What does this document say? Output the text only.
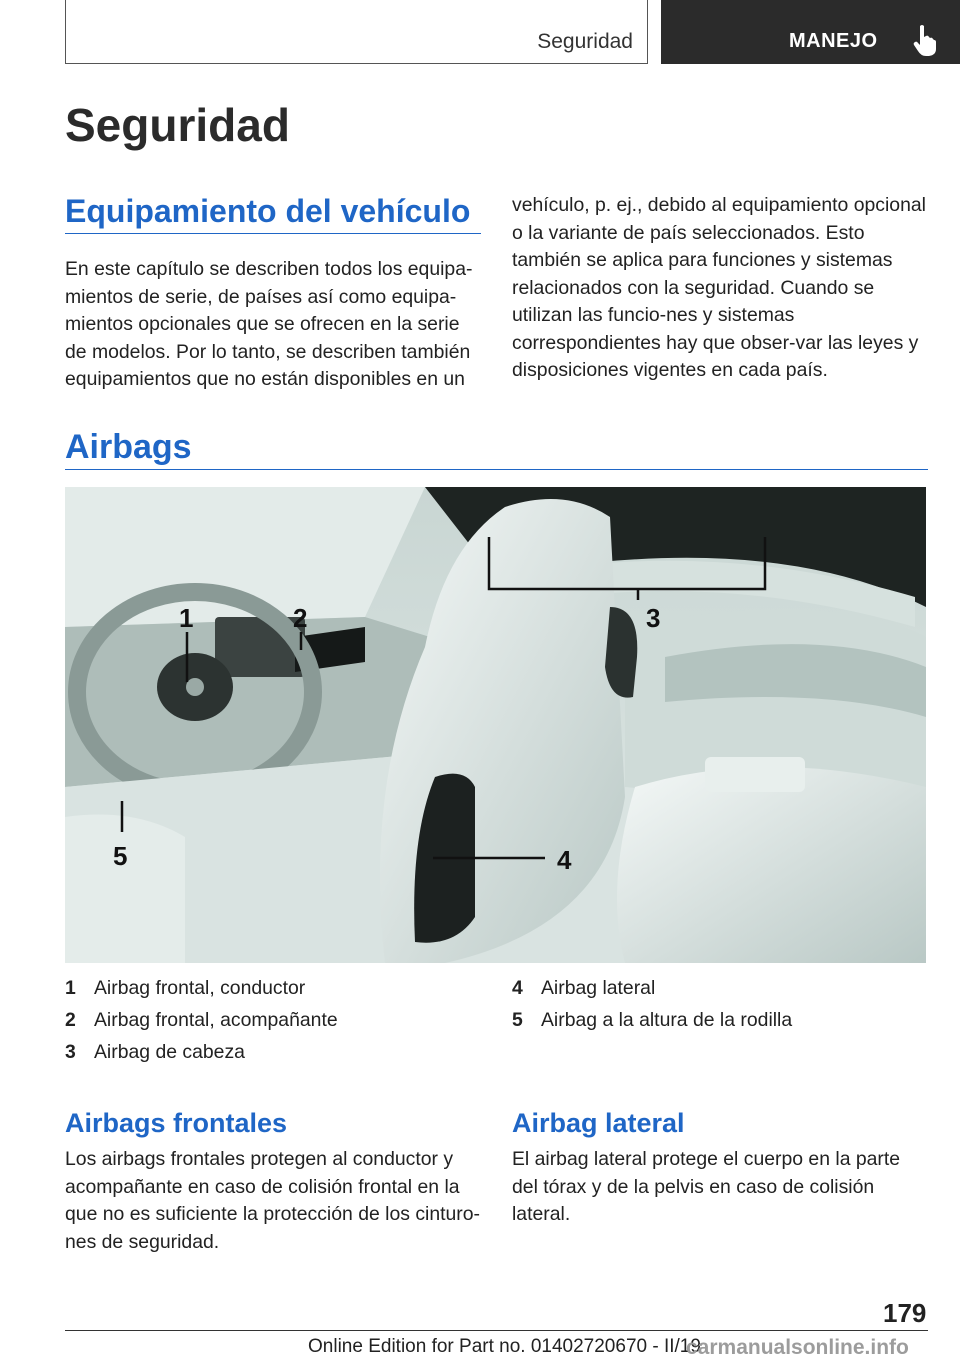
Seguridad	MANEJO
Seguridad
Equipamiento del vehículo

En este capítulo se describen todos los equipa-mientos de serie, de países así como equipa-mientos opcionales que se ofrecen en la serie de modelos. Por lo tanto, se describen también equipamientos que no están disponibles en un

vehículo, p. ej., debido al equipamiento opcional o la variante de país seleccionados. Esto también se aplica para funciones y sistemas relacionados con la seguridad. Cuando se utilizan las funcio-nes y sistemas correspondientes hay que obser-var las leyes y disposiciones vigentes en cada país.

Airbags
1	2	3
4
5
1 Airbag frontal, conductor
2 Airbag frontal, acompañante
3 Airbag de cabeza
4 Airbag lateral
5 Airbag a la altura de la rodilla
Airbags frontales

Los airbags frontales protegen al conductor y acompañante en caso de colisión frontal en la que no es suficiente la protección de los cinturo-nes de seguridad.

Airbag lateral

El airbag lateral protege el cuerpo en la parte del tórax y de la pelvis en caso de colisión lateral.

179
Online Edition for Part no. 01402720670 - II/19
carmanualsonline.info
